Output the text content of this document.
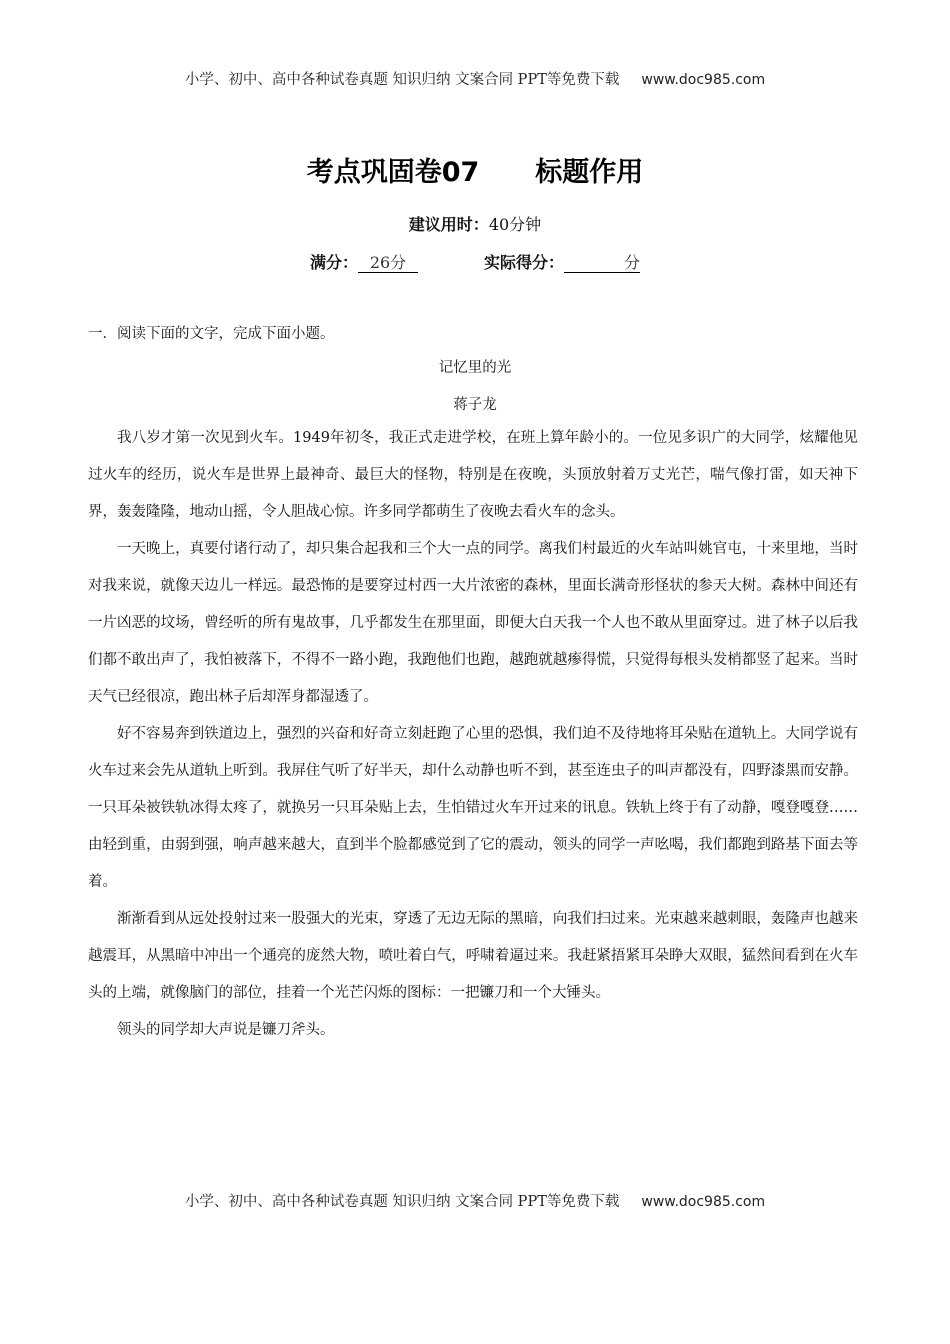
小学、初中、高中各种试卷真题 知识归纳 文案合同 PPT等免费下载 www.doc985.com
考点巩固卷07 标题作用
建议用时：40分钟
满分： 26分	实际得分：	分
一．阅读下面的文字，完成下面小题。
记忆里的光
蒋子龙

我八岁才第一次见到火车。1949年初冬，我正式走进学校，在班上算年龄小的。一位见多识广的大同学，炫耀他见过火车的经历，说火车是世界上最神奇、最巨大的怪物，特别是在夜晚，头顶放射着万丈光芒，喘气像打雷，如天神下界，轰轰隆隆，地动山摇，令人胆战心惊。许多同学都萌生了夜晚去看火车的念头。

一天晚上，真要付诸行动了，却只集合起我和三个大一点的同学。离我们村最近的火车站叫姚官屯，十来里地，当时对我来说，就像天边儿一样远。最恐怖的是要穿过村西一大片浓密的森林，里面长满奇形怪状的参天大树。森林中间还有一片凶恶的坟场，曾经听的所有鬼故事，几乎都发生在那里面，即便大白天我一个人也不敢从里面穿过。进了林子以后我们都不敢出声了，我怕被落下，不得不一路小跑，我跑他们也跑，越跑就越瘆得慌，只觉得每根头发梢都竖了起来。当时天气已经很凉，跑出林子后却浑身都湿透了。

好不容易奔到铁道边上，强烈的兴奋和好奇立刻赶跑了心里的恐惧，我们迫不及待地将耳朵贴在道轨上。大同学说有火车过来会先从道轨上听到。我屏住气听了好半天，却什么动静也听不到，甚至连虫子的叫声都没有，四野漆黑而安静。一只耳朵被铁轨冰得太疼了，就换另一只耳朵贴上去，生怕错过火车开过来的讯息。铁轨上终于有了动静，嘎登嘎登……由轻到重，由弱到强，响声越来越大，直到半个脸都感觉到了它的震动，领头的同学一声吆喝，我们都跑到路基下面去等着。

渐渐看到从远处投射过来一股强大的光束，穿透了无边无际的黑暗，向我们扫过来。光束越来越刺眼，轰隆声也越来越震耳，从黑暗中冲出一个通亮的庞然大物，喷吐着白气，呼啸着逼过来。我赶紧捂紧耳朵睁大双眼，猛然间看到在火车头的上端，就像脑门的部位，挂着一个光芒闪烁的图标：一把镰刀和一个大锤头。

领头的同学却大声说是镰刀斧头。

小学、初中、高中各种试卷真题 知识归纳 文案合同 PPT等免费下载 www.doc985.com
